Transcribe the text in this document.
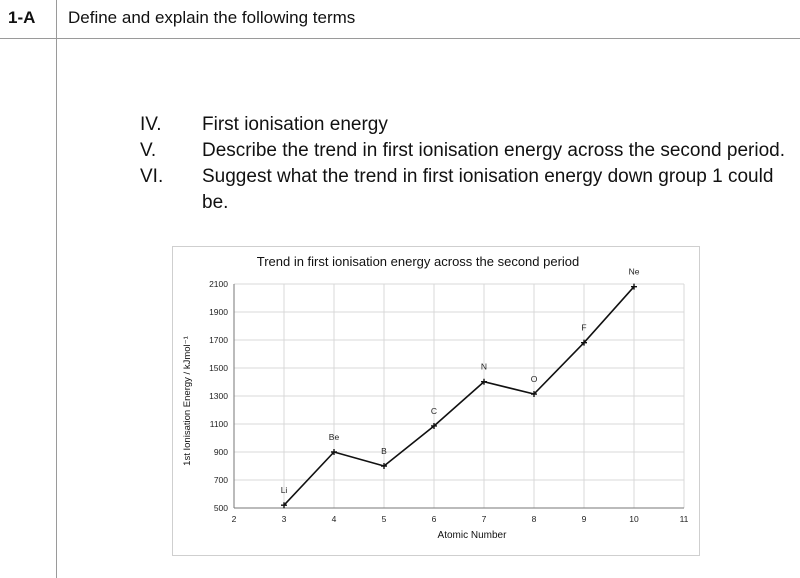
1-A Define and explain the following terms
IV.	First ionisation energy
V.	Describe the trend in first ionisation energy across the second period.
VI.	Suggest what the trend in first ionisation energy down group 1 could be.
Trend in first ionisation energy across the second period
1st Ionisation Energy / kJmol⁻¹
Atomic Number
500
700
900
1100
1300
1500
1700
1900
2100
2	3	4	5	6	7	8	9	10	11
Li
Be
B
C
N
O
F
Ne
